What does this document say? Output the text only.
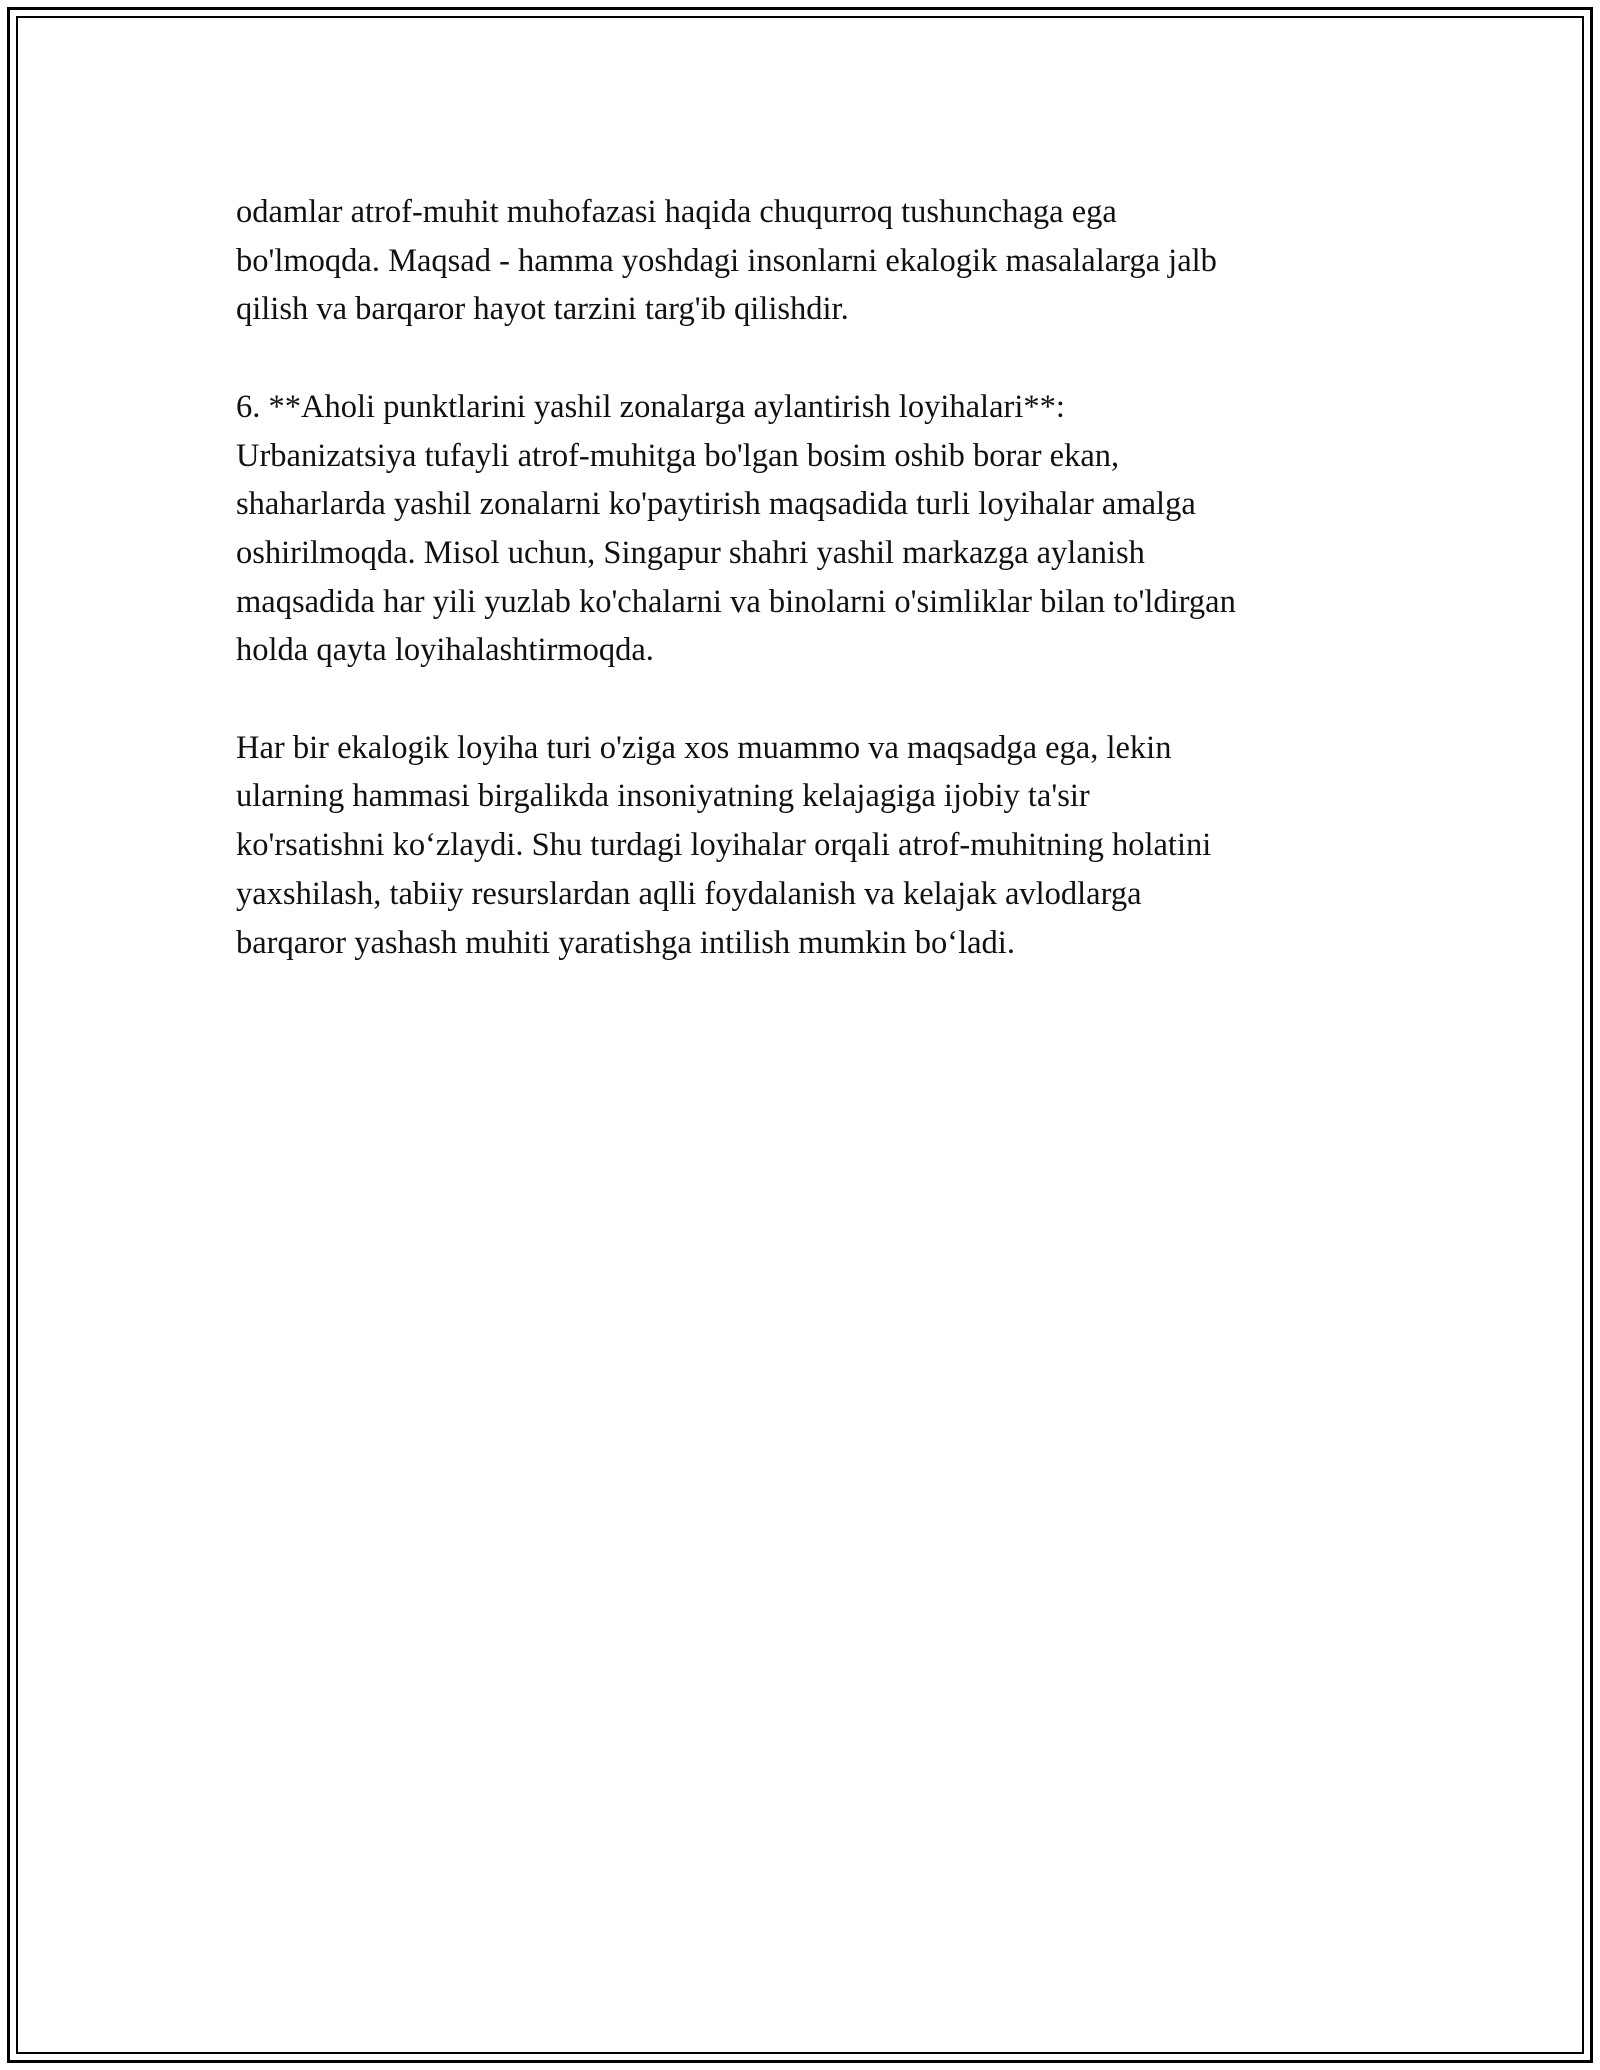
odamlar atrof-muhit muhofazasi haqida chuqurroq tushunchaga ega
bo'lmoqda. Maqsad - hamma yoshdagi insonlarni ekalogik masalalarga jalb
qilish va barqaror hayot tarzini targ'ib qilishdir.

6. **Aholi punktlarini yashil zonalarga aylantirish loyihalari**:
Urbanizatsiya tufayli atrof-muhitga bo'lgan bosim oshib borar ekan,
shaharlarda yashil zonalarni ko'paytirish maqsadida turli loyihalar amalga
oshirilmoqda. Misol uchun, Singapur shahri yashil markazga aylanish
maqsadida har yili yuzlab ko'chalarni va binolarni o'simliklar bilan to'ldirgan
holda qayta loyihalashtirmoqda.

Har bir ekalogik loyiha turi o'ziga xos muammo va maqsadga ega, lekin
ularning hammasi birgalikda insoniyatning kelajagiga ijobiy ta'sir
ko'rsatishni ko‘zlaydi. Shu turdagi loyihalar orqali atrof-muhitning holatini
yaxshilash, tabiiy resurslardan aqlli foydalanish va kelajak avlodlarga
barqaror yashash muhiti yaratishga intilish mumkin bo‘ladi.
